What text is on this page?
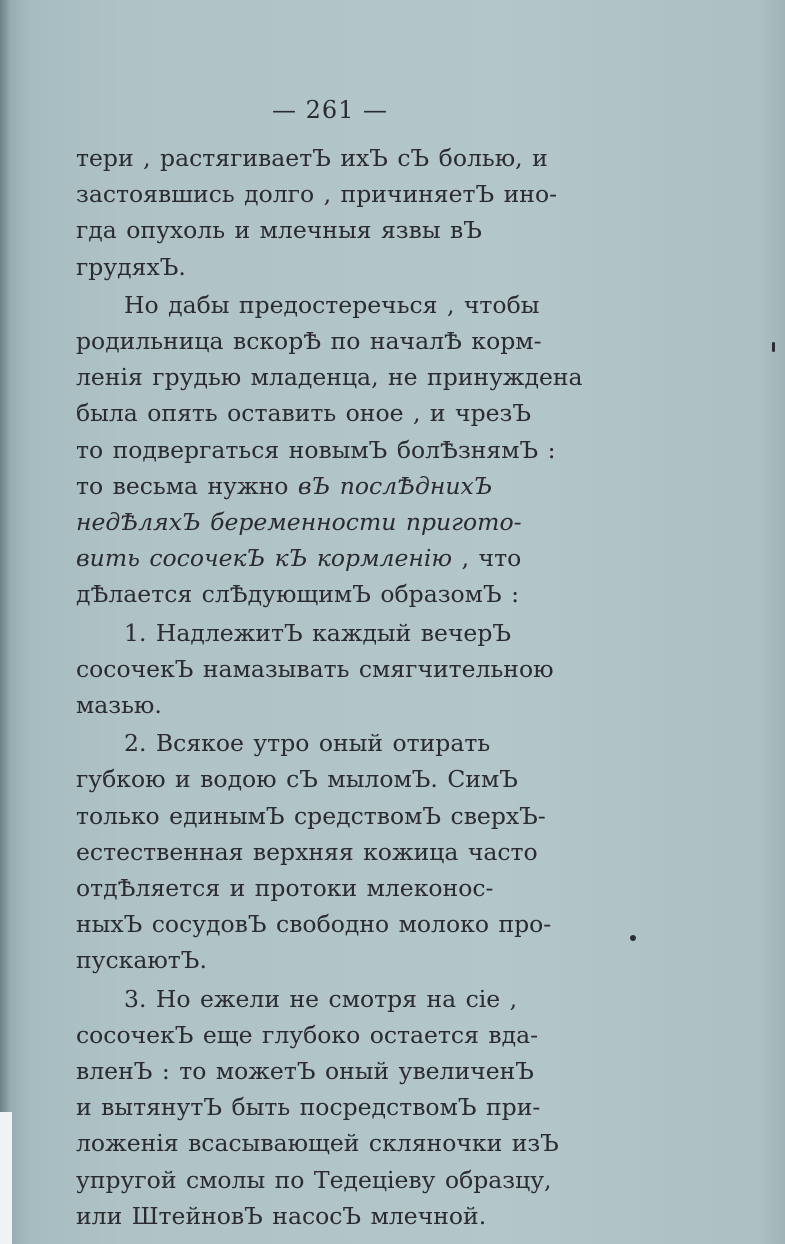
— 261 —
тери , растягиваетЪ ихЪ сЪ болью, и
застоявшись долго , причиняетЪ ино-
гда опухоль и млечныя язвы вЪ
грудяхЪ.
Но дабы предостеречься , чтобы
родильница вскорѢ по началѢ корм-
ленія грудью младенца, не принуждена
была опять оставить оное , и чрезЪ
то подвергаться новымЪ болѢзнямЪ :
то весьма нужно вЪ послѢднихЪ
недѢляхЪ беременности пригото-
вить сосочекЪ кЪ кормленію , что
дѢлается слѢдующимЪ образомЪ :
1. НадлежитЪ каждый вечерЪ
сосочекЪ намазывать смягчительною
мазью.
2. Всякое утро оный отирать
губкою и водою сЪ мыломЪ. СимЪ
только единымЪ средствомЪ сверхЪ-
естественная верхняя кожица часто
отдѢляется и протоки млеконос-
ныхЪ сосудовЪ свободно молоко про-
пускаютЪ.
3. Но ежели не смотря на сіе ,
сосочекЪ еще глубоко остается вда-
вленЪ : то можетЪ оный увеличенЪ
и вытянутЪ быть посредствомЪ при-
ложенія всасывающей скляночки изЪ
упругой смолы по Тедеціеву образцу,
или ШтейновЪ насосЪ млечной.
